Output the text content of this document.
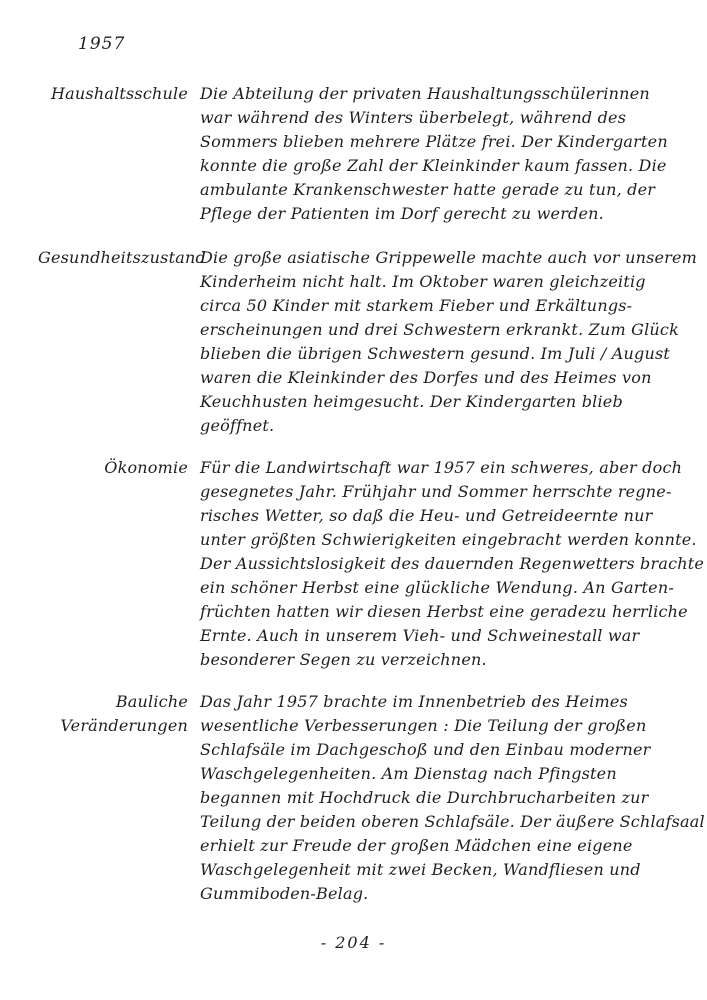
1957
Haushaltsschule Die Abteilung der privaten Haushaltungsschülerinnen
war während des Winters überbelegt, während des
Sommers blieben mehrere Plätze frei. Der Kindergarten
konnte die große Zahl der Kleinkinder kaum fassen. Die
ambulante Krankenschwester hatte gerade zu tun, der
Pflege der Patienten im Dorf gerecht zu werden.
Gesundheitszustand
Die große asiatische Grippewelle machte auch vor unserem
Kinderheim nicht halt. Im Oktober waren gleichzeitig
circa 50 Kinder mit starkem Fieber und Erkältungs-
erscheinungen und drei Schwestern erkrankt. Zum Glück
blieben die übrigen Schwestern gesund. Im Juli / August
waren die Kleinkinder des Dorfes und des Heimes von
Keuchhusten heimgesucht. Der Kindergarten blieb
geöffnet.
Ökonomie Für die Landwirtschaft war 1957 ein schweres, aber doch
gesegnetes Jahr. Frühjahr und Sommer herrschte regne-
risches Wetter, so daß die Heu- und Getreideernte nur
unter größten Schwierigkeiten eingebracht werden konnte.
Der Aussichtslosigkeit des dauernden Regenwetters brachte
ein schöner Herbst eine glückliche Wendung. An Garten-
früchten hatten wir diesen Herbst eine geradezu herrliche
Ernte. Auch in unserem Vieh- und Schweinestall war
besonderer Segen zu verzeichnen.
Bauliche
Veränderungen
Das Jahr 1957 brachte im Innenbetrieb des Heimes
wesentliche Verbesserungen : Die Teilung der großen
Schlafsäle im Dachgeschoß und den Einbau moderner
Waschgelegenheiten. Am Dienstag nach Pfingsten
begannen mit Hochdruck die Durchbrucharbeiten zur
Teilung der beiden oberen Schlafsäle. Der äußere Schlafsaal
erhielt zur Freude der großen Mädchen eine eigene
Waschgelegenheit mit zwei Becken, Wandfliesen und
Gummiboden-Belag.
- 204 -
